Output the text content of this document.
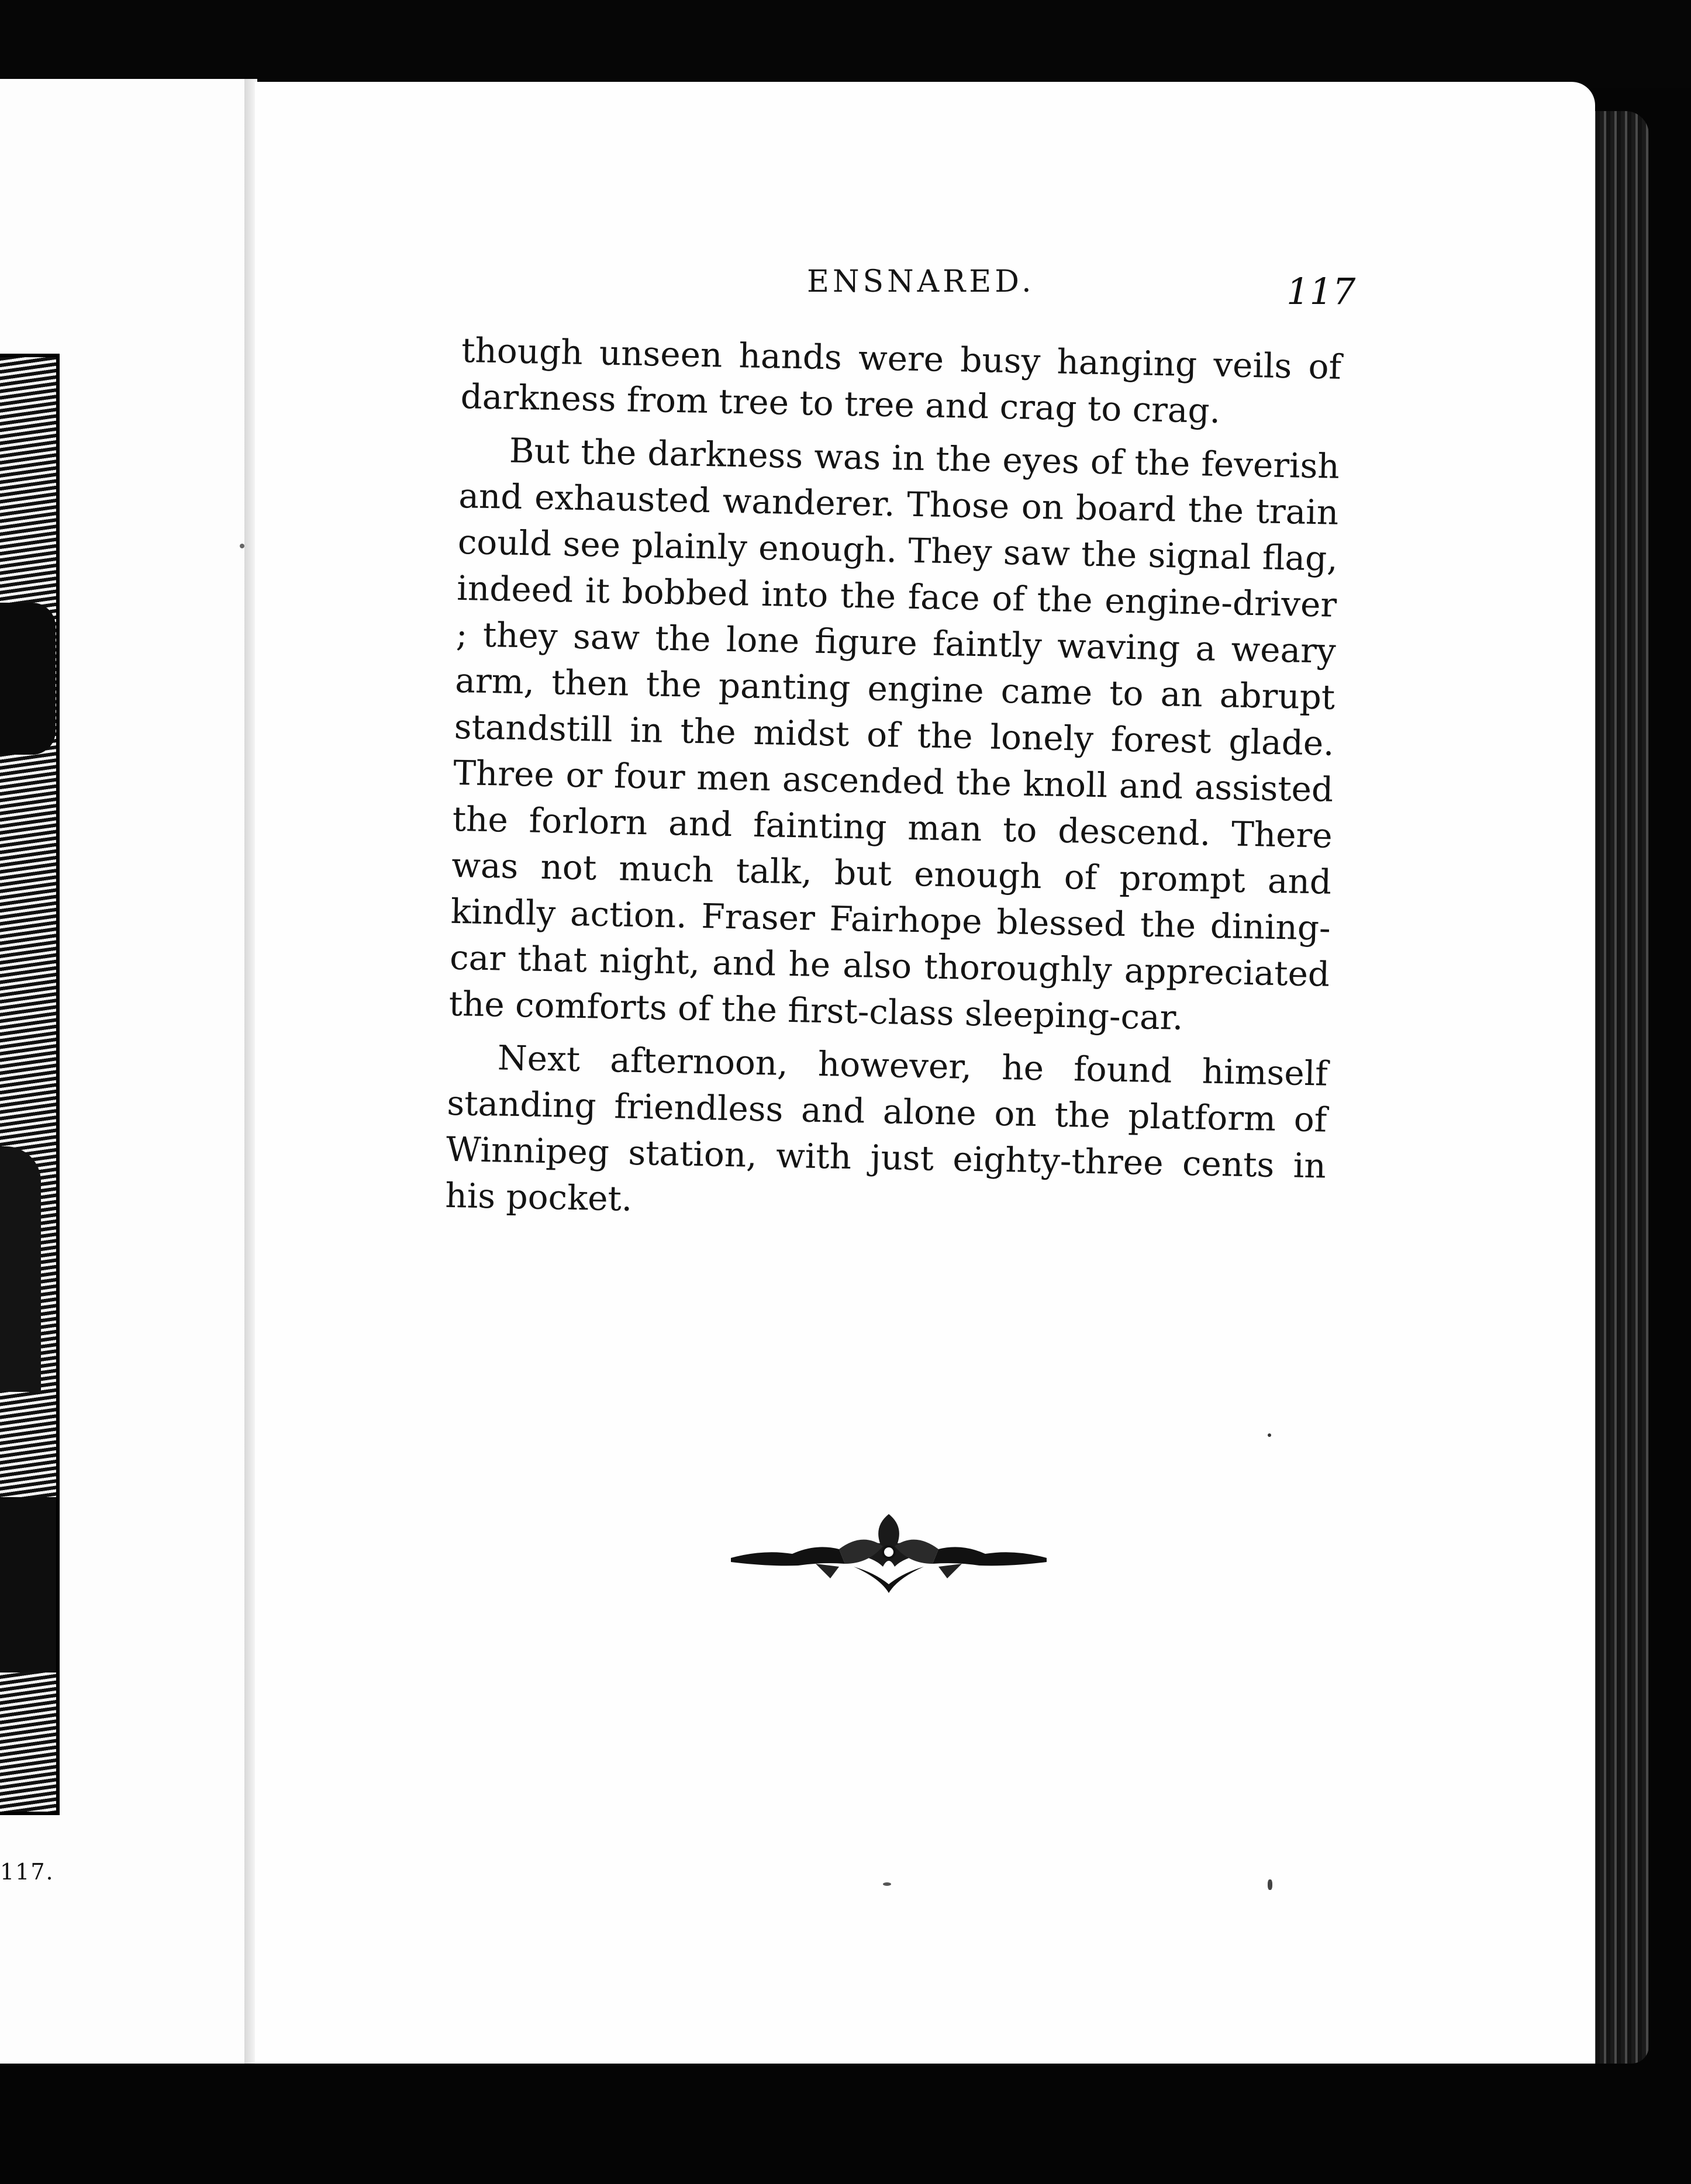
117.
ENSNARED.	117

though unseen hands were busy hanging veils of darkness from tree to tree and crag to crag.

But the darkness was in the eyes of the feverish and exhausted wanderer. Those on board the train could see plainly enough. They saw the signal flag, indeed it bobbed into the face of the engine-driver ; they saw the lone figure faintly waving a weary arm, then the panting engine came to an abrupt standstill in the midst of the lonely forest glade. Three or four men ascended the knoll and assisted the forlorn and fainting man to descend. There was not much talk, but enough of prompt and kindly action. Fraser Fairhope blessed the dining-car that night, and he also thoroughly appreciated the comforts of the first-class sleeping-car.

Next afternoon, however, he found himself standing friendless and alone on the platform of Winnipeg station, with just eighty-three cents in his pocket.
